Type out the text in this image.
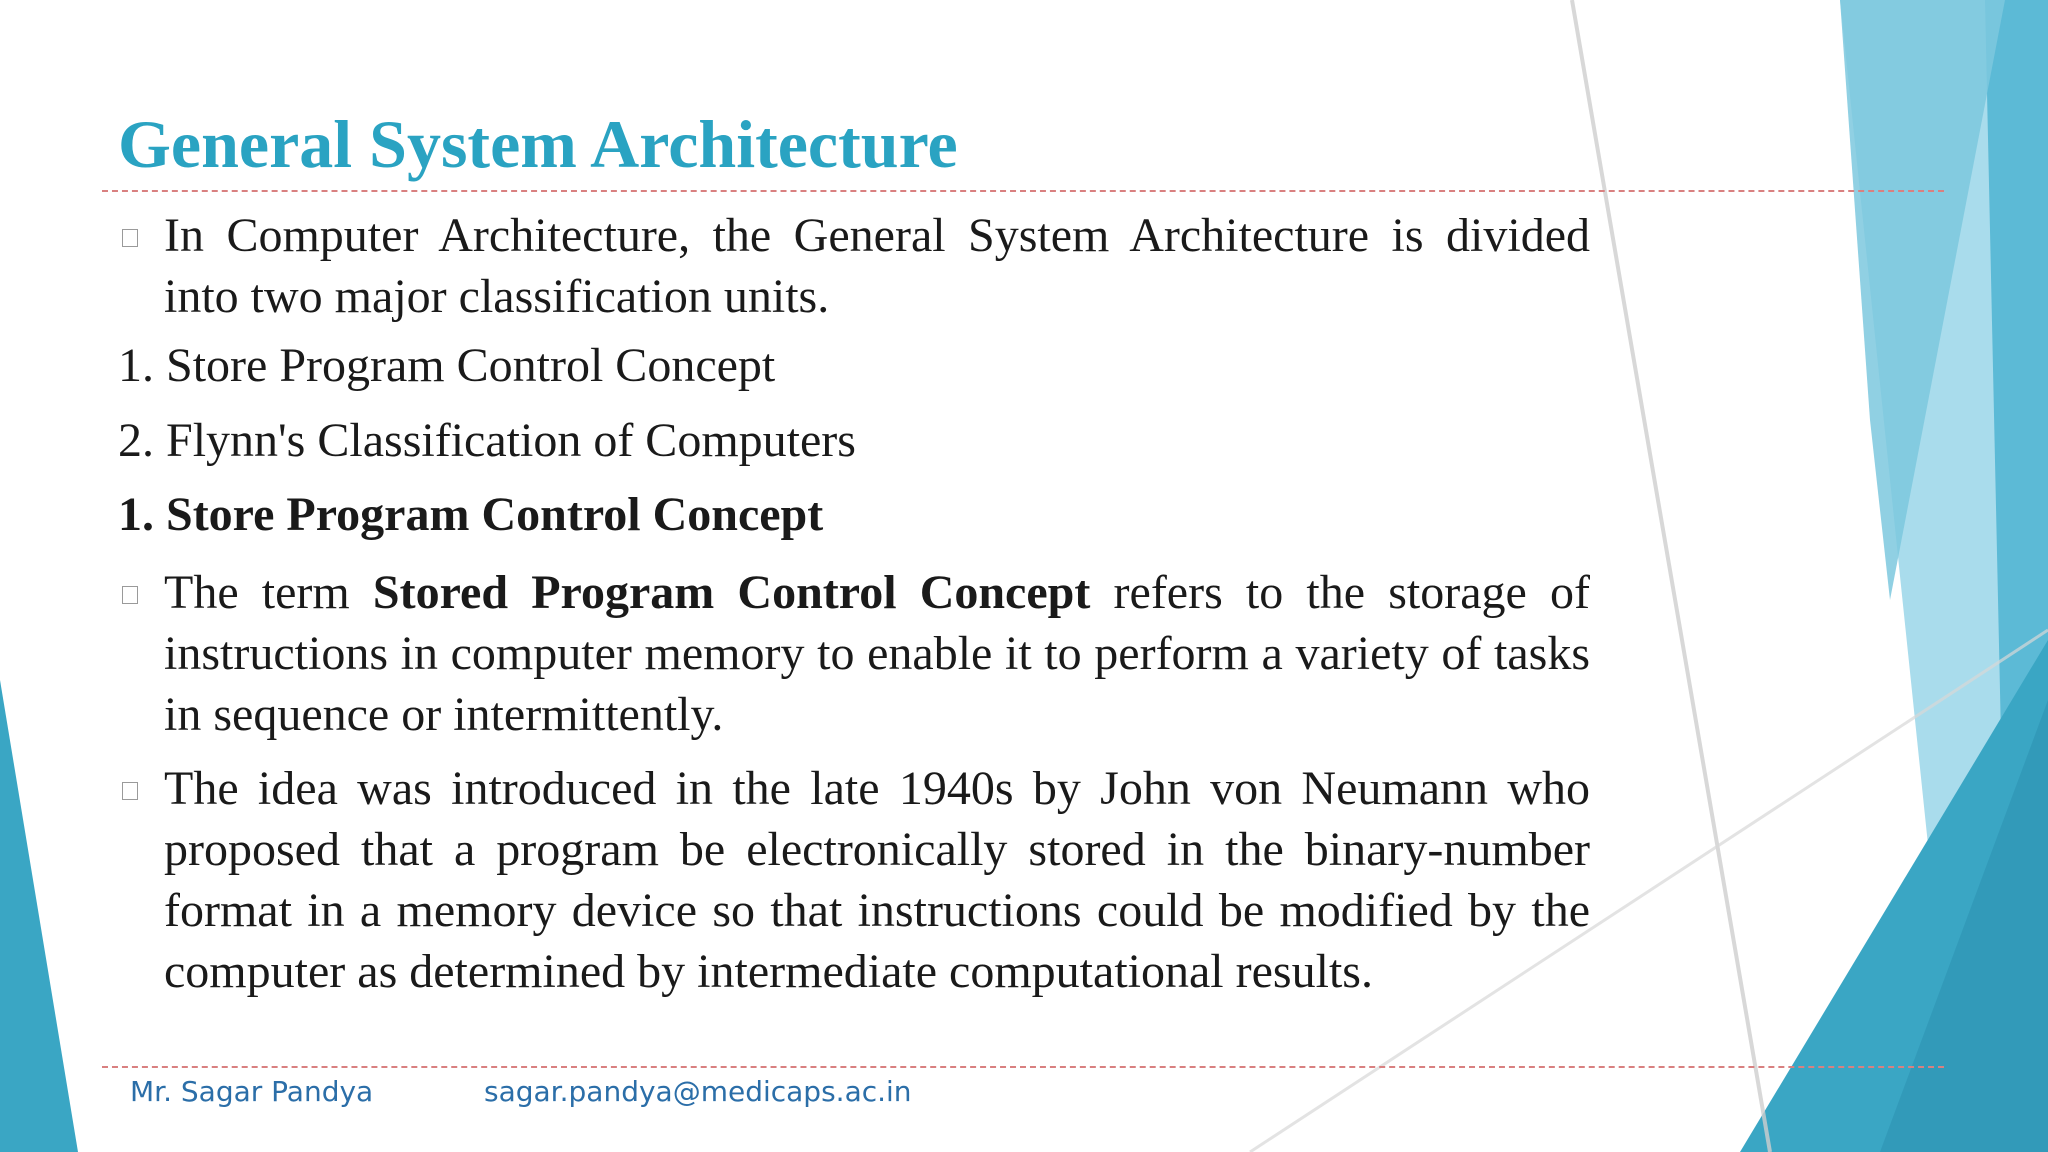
General System Architecture
In Computer Architecture, the General System Architecture is divided into two major classification units.
1. Store Program Control Concept
2. Flynn's Classification of Computers
1. Store Program Control Concept
The term Stored Program Control Concept refers to the storage of instructions in computer memory to enable it to perform a variety of tasks in sequence or intermittently.
The idea was introduced in the late 1940s by John von Neumann who proposed that a program be electronically stored in the binary-number format in a memory device so that instructions could be modified by the computer as determined by intermediate computational results.
Mr. Sagar Pandya	sagar.pandya@medicaps.ac.in
